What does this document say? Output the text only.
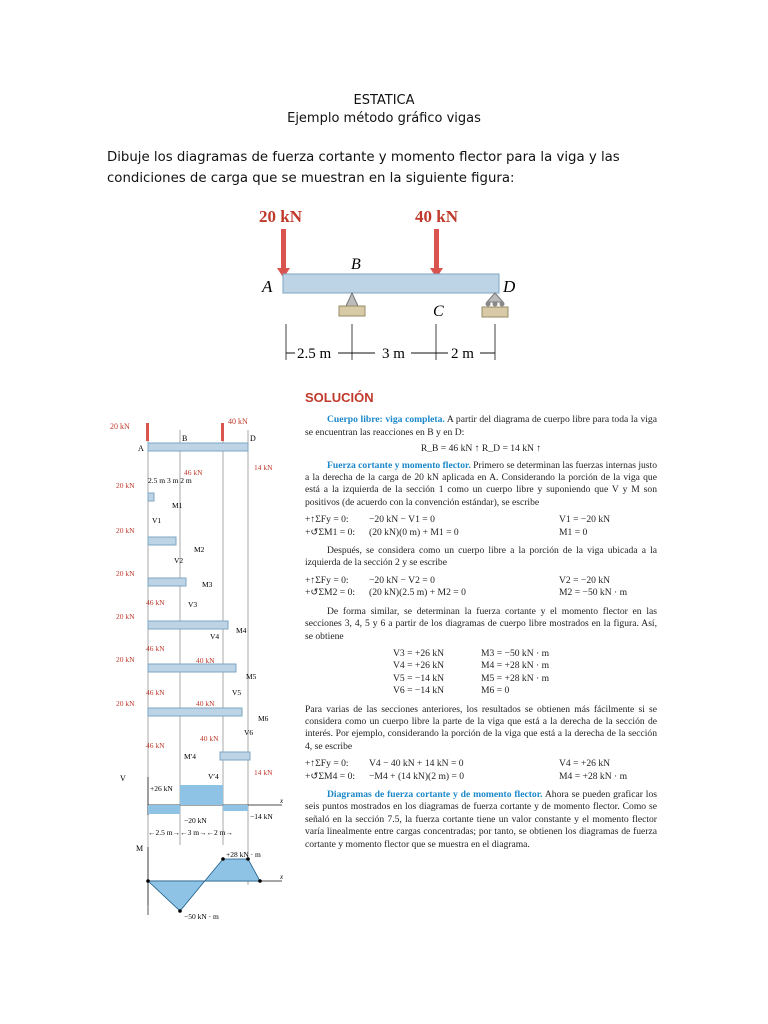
ESTATICA
Ejemplo método gráfico vigas
Dibuje los diagramas de fuerza cortante y momento flector para la viga y las condiciones de carga que se muestran en la siguiente figura:
20 kN	40 kN
A
B
C
D
2.5 m	3 m	2 m
20 kN
40 kN
A
B	D
46 kN
14 kN
2.5 m 3 m 2 m
20 kN
20 kN
20 kN
20 kN
20 kN
20 kN
46 kN
46 kN
46 kN
46 kN
40 kN
40 kN
40 kN
14 kN
V1
M1
V2
M2
V3
M3
V4
M4
V5
M5
V6
M6
M′4
V′4
V
x
+26 kN
−20 kN	−14 kN
←2.5 m→←3 m→←2 m→
M
x
+28 kN · m
−50 kN · m

SOLUCIÓN

Cuerpo libre: viga completa. A partir del diagrama de cuerpo libre para toda la viga se encuentran las reacciones en B y en D:

R_B = 46 kN ↑ R_D = 14 kN ↑

Fuerza cortante y momento flector. Primero se determinan las fuerzas internas justo a la derecha de la carga de 20 kN aplicada en A. Considerando la porción de la viga que está a la izquierda de la sección 1 como un cuerpo libre y suponiendo que V y M son positivos (de acuerdo con la convención estándar), se escribe

+↑ΣFy = 0:	−20 kN − V1 = 0	V1 = −20 kN
+↺ΣM1 = 0:	(20 kN)(0 m) + M1 = 0	M1 = 0

Después, se considera como un cuerpo libre a la porción de la viga ubicada a la izquierda de la sección 2 y se escribe

+↑ΣFy = 0:	−20 kN − V2 = 0	V2 = −20 kN
+↺ΣM2 = 0:	(20 kN)(2.5 m) + M2 = 0	M2 = −50 kN · m

De forma similar, se determinan la fuerza cortante y el momento flector en las secciones 3, 4, 5 y 6 a partir de los diagramas de cuerpo libre mostrados en la figura. Así, se obtiene

V3 = +26 kN	M3 = −50 kN · m
V4 = +26 kN	M4 = +28 kN · m
V5 = −14 kN	M5 = +28 kN · m
V6 = −14 kN	M6 = 0

Para varias de las secciones anteriores, los resultados se obtienen más fácilmente si se considera como un cuerpo libre la parte de la viga que está a la derecha de la sección de interés. Por ejemplo, considerando la porción de la viga que está a la derecha de la sección 4, se escribe

+↑ΣFy = 0:	V4 − 40 kN + 14 kN = 0	V4 = +26 kN
+↺ΣM4 = 0:	−M4 + (14 kN)(2 m) = 0	M4 = +28 kN · m

Diagramas de fuerza cortante y de momento flector. Ahora se pueden graficar los seis puntos mostrados en los diagramas de fuerza cortante y de momento flector. Como se señaló en la sección 7.5, la fuerza cortante tiene un valor constante y el momento flector varía linealmente entre cargas concentradas; por tanto, se obtienen los diagramas de fuerza cortante y momento flector que se muestra en el diagrama.
